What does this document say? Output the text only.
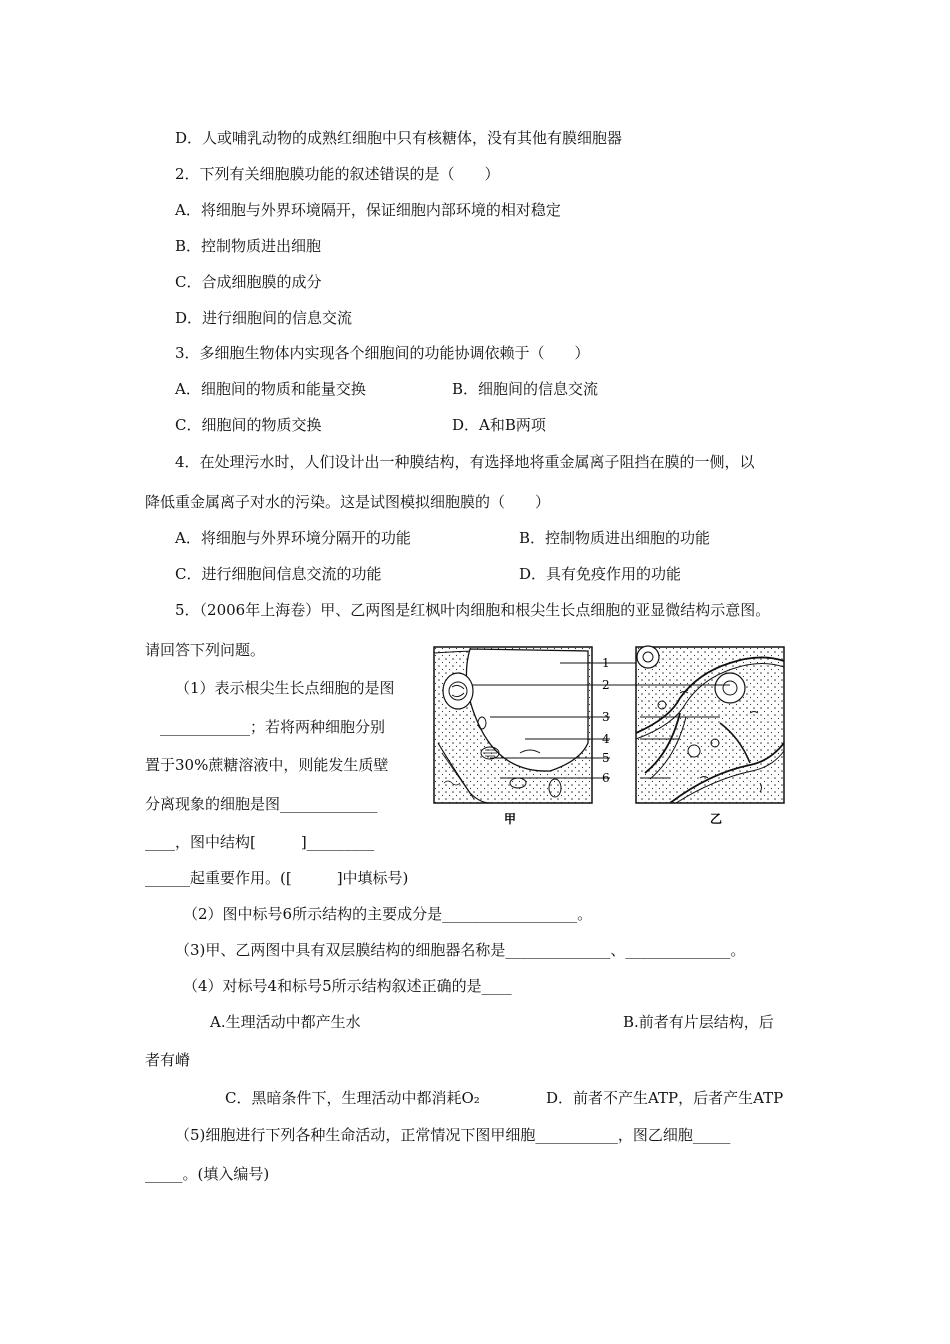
D．人或哺乳动物的成熟红细胞中只有核糖体，没有其他有膜细胞器
2．下列有关细胞膜功能的叙述错误的是（　　）
A．将细胞与外界环境隔开，保证细胞内部环境的相对稳定
B．控制物质进出细胞
C．合成细胞膜的成分
D．进行细胞间的信息交流
3．多细胞生物体内实现各个细胞间的功能协调依赖于（　　）
A．细胞间的物质和能量交换	B．细胞间的信息交流
C．细胞间的物质交换	D．A和B两项
4．在处理污水时，人们设计出一种膜结构，有选择地将重金属离子阻挡在膜的一侧，以
降低重金属离子对水的污染。这是试图模拟细胞膜的（　　）
A．将细胞与外界环境分隔开的功能	B．控制物质进出细胞的功能
C．进行细胞间信息交流的功能	D．具有免疫作用的功能
5．（2006年上海卷）甲、乙两图是红枫叶肉细胞和根尖生长点细胞的亚显微结构示意图。
请回答下列问题。
（1）表示根尖生长点细胞的是图
____________；若将两种细胞分别
置于30%蔗糖溶液中，则能发生质壁
分离现象的细胞是图_____________
____，图中结构[　　　]_________
______起重要作用。([　　　]中填标号)
（2）图中标号6所示结构的主要成分是__________________。
（3)甲、乙两图中具有双层膜结构的细胞器名称是______________、______________。
（4）对标号4和标号5所示结构叙述正确的是____
A.生理活动中都产生水	B.前者有片层结构，后
者有嵴
C．黑暗条件下，生理活动中都消耗O₂	D．前者不产生ATP，后者产生ATP
（5)细胞进行下列各种生命活动，正常情况下图甲细胞___________，图乙细胞_____
_____。(填入编号)
1
2
3
4
5
6
甲	乙
